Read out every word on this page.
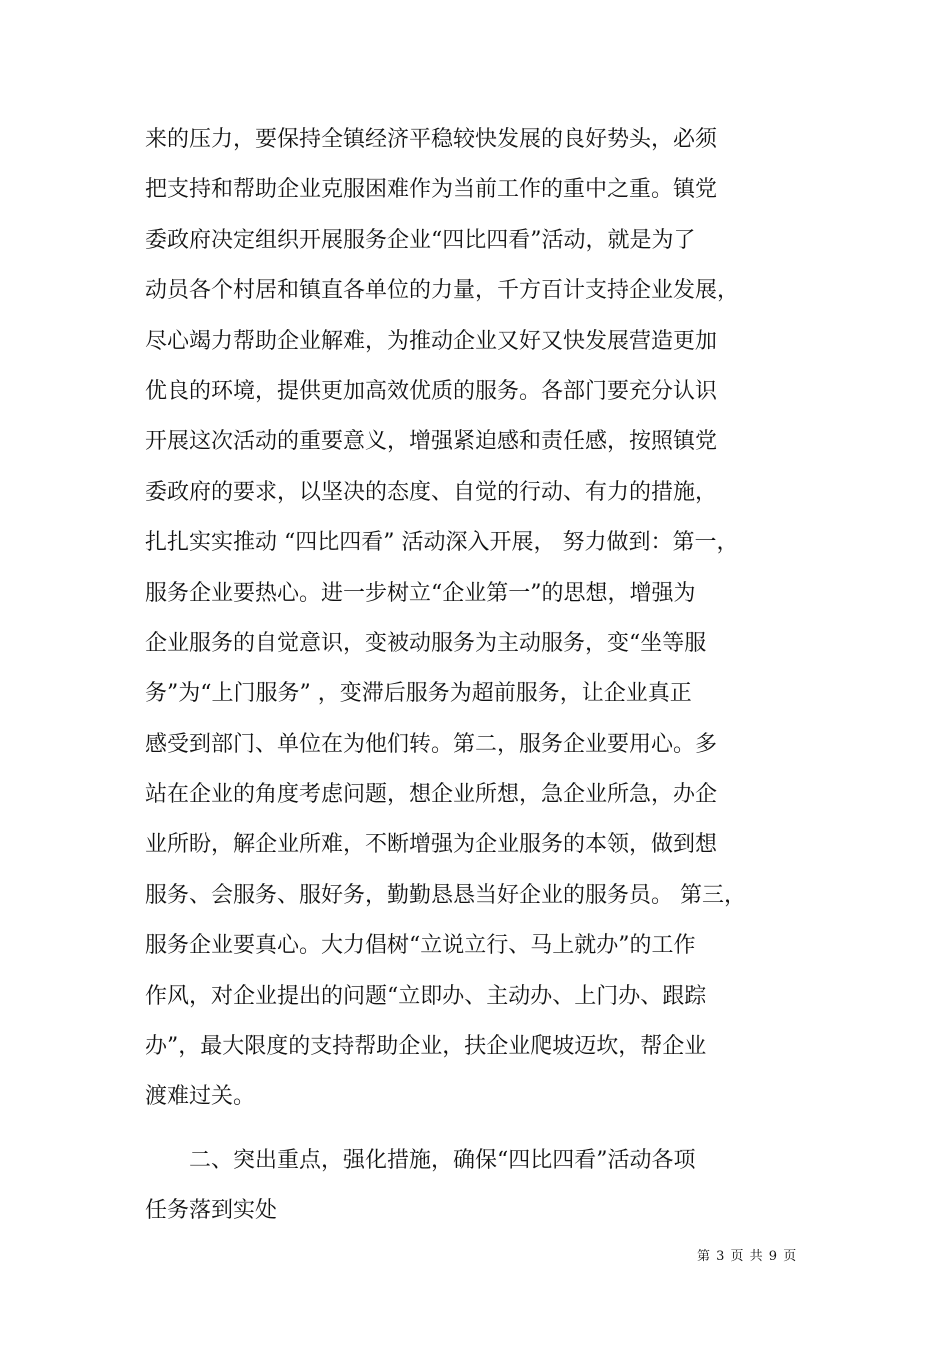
来的压力，要保持全镇经济平稳较快发展的良好势头，必须
把支持和帮助企业克服困难作为当前工作的重中之重。镇党
委政府决定组织开展服务企业“四比四看”活动，就是为了
动员各个村居和镇直各单位的力量，千方百计支持企业发展，
尽心竭力帮助企业解难，为推动企业又好又快发展营造更加
优良的环境，提供更加高效优质的服务。各部门要充分认识
开展这次活动的重要意义，增强紧迫感和责任感，按照镇党
委政府的要求，以坚决的态度、自觉的行动、有力的措施，
扎扎实实推动 “四比四看” 活动深入开展， 努力做到：第一，
服务企业要热心。进一步树立“企业第一”的思想，增强为
企业服务的自觉意识，变被动服务为主动服务，变“坐等服
务”为“上门服务” ，变滞后服务为超前服务，让企业真正
感受到部门、单位在为他们转。第二，服务企业要用心。多
站在企业的角度考虑问题，想企业所想，急企业所急，办企
业所盼，解企业所难，不断增强为企业服务的本领，做到想
服务、会服务、服好务，勤勤恳恳当好企业的服务员。 第三，
服务企业要真心。大力倡树“立说立行、马上就办”的工作
作风，对企业提出的问题“立即办、主动办、上门办、跟踪
办”，最大限度的支持帮助企业，扶企业爬坡迈坎，帮企业
渡难过关。
二、突出重点，强化措施，确保“四比四看”活动各项
任务落到实处
第 3 页 共 9 页
